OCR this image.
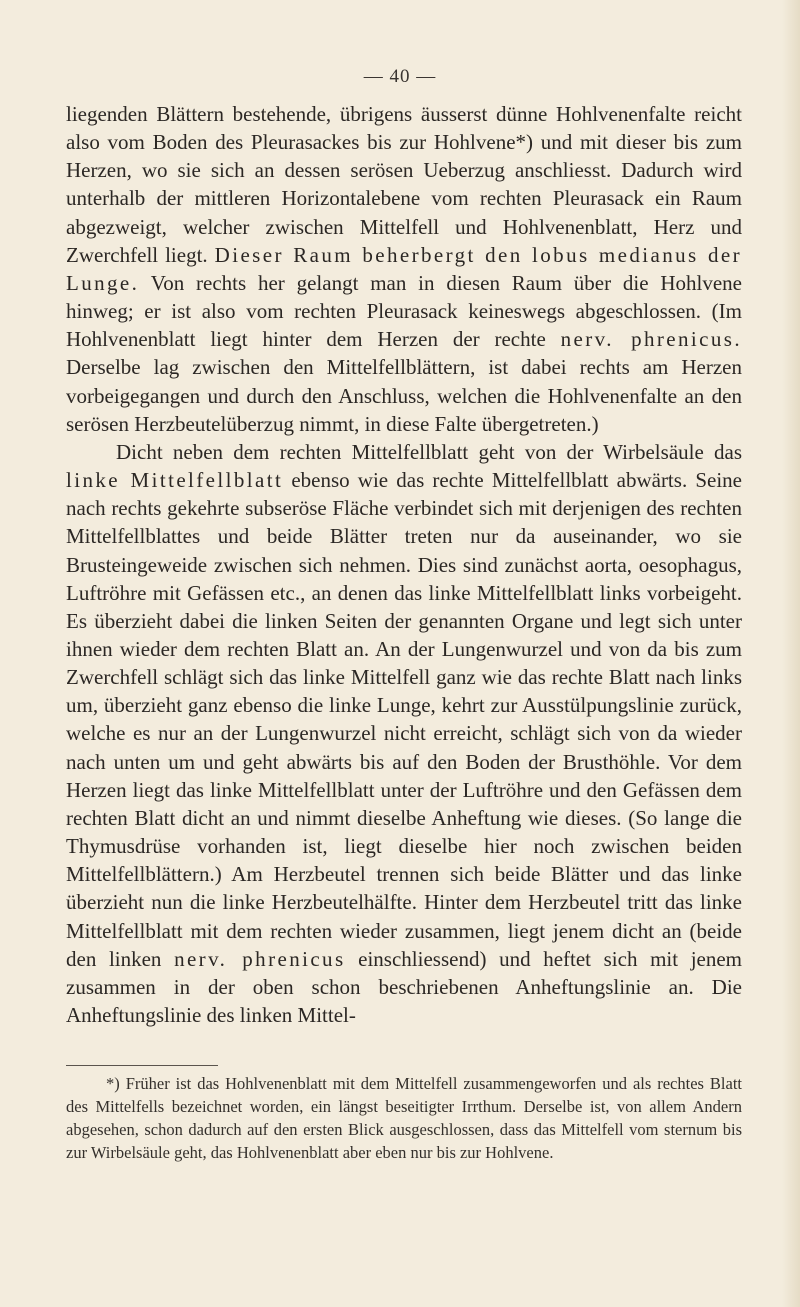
— 40 —

liegenden Blättern bestehende, übrigens äusserst dünne Hohlvenenfalte reicht also vom Boden des Pleurasackes bis zur Hohlvene*) und mit dieser bis zum Herzen, wo sie sich an dessen serösen Ueberzug anschliesst. Dadurch wird unterhalb der mittleren Horizontalebene vom rechten Pleurasack ein Raum abgezweigt, welcher zwischen Mittelfell und Hohlvenenblatt, Herz und Zwerchfell liegt. Dieser Raum beherbergt den lobus medianus der Lunge. Von rechts her gelangt man in diesen Raum über die Hohlvene hinweg; er ist also vom rechten Pleurasack keineswegs abgeschlossen. (Im Hohlvenenblatt liegt hinter dem Herzen der rechte nerv. phrenicus. Derselbe lag zwischen den Mittelfellblättern, ist dabei rechts am Herzen vorbeigegangen und durch den Anschluss, welchen die Hohlvenenfalte an den serösen Herzbeutelüberzug nimmt, in diese Falte übergetreten.)

Dicht neben dem rechten Mittelfellblatt geht von der Wirbelsäule das linke Mittelfellblatt ebenso wie das rechte Mittelfellblatt abwärts. Seine nach rechts gekehrte subseröse Fläche verbindet sich mit derjenigen des rechten Mittelfellblattes und beide Blätter treten nur da auseinander, wo sie Brusteingeweide zwischen sich nehmen. Dies sind zunächst aorta, oesophagus, Luftröhre mit Gefässen etc., an denen das linke Mittelfellblatt links vorbeigeht. Es überzieht dabei die linken Seiten der genannten Organe und legt sich unter ihnen wieder dem rechten Blatt an. An der Lungenwurzel und von da bis zum Zwerchfell schlägt sich das linke Mittelfell ganz wie das rechte Blatt nach links um, überzieht ganz ebenso die linke Lunge, kehrt zur Ausstülpungslinie zurück, welche es nur an der Lungenwurzel nicht erreicht, schlägt sich von da wieder nach unten um und geht abwärts bis auf den Boden der Brusthöhle. Vor dem Herzen liegt das linke Mittelfellblatt unter der Luftröhre und den Gefässen dem rechten Blatt dicht an und nimmt dieselbe Anheftung wie dieses. (So lange die Thymusdrüse vorhanden ist, liegt dieselbe hier noch zwischen beiden Mittelfellblättern.) Am Herzbeutel trennen sich beide Blätter und das linke überzieht nun die linke Herzbeutelhälfte. Hinter dem Herzbeutel tritt das linke Mittelfellblatt mit dem rechten wieder zusammen, liegt jenem dicht an (beide den linken nerv. phrenicus einschliessend) und heftet sich mit jenem zusammen in der oben schon beschriebenen Anheftungslinie an. Die Anheftungslinie des linken Mittel-

*) Früher ist das Hohlvenenblatt mit dem Mittelfell zusammengeworfen und als rechtes Blatt des Mittelfells bezeichnet worden, ein längst beseitigter Irrthum. Derselbe ist, von allem Andern abgesehen, schon dadurch auf den ersten Blick ausgeschlossen, dass das Mittelfell vom sternum bis zur Wirbelsäule geht, das Hohlvenenblatt aber eben nur bis zur Hohlvene.
